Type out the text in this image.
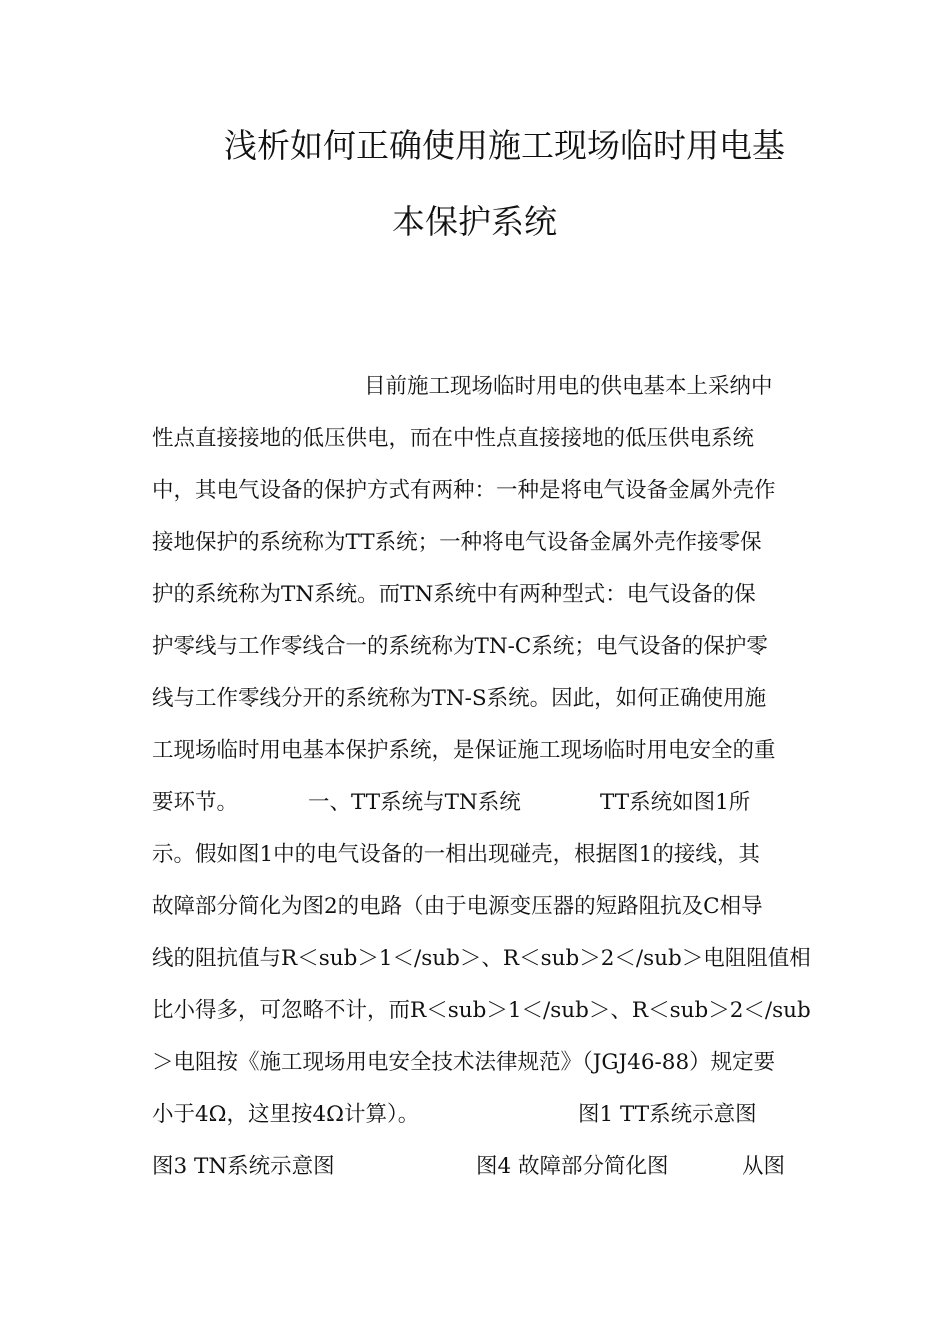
浅析如何正确使用施工现场临时用电基
本保护系统

目前施工现场临时用电的供电基本上采纳中

性点直接接地的低压供电，而在中性点直接接地的低压供电系统

中，其电气设备的保护方式有两种：一种是将电气设备金属外壳作

接地保护的系统称为TT系统；一种将电气设备金属外壳作接零保

护的系统称为TN系统。而TN系统中有两种型式：电气设备的保

护零线与工作零线合一的系统称为TN-C系统；电气设备的保护零

线与工作零线分开的系统称为TN-S系统。因此，如何正确使用施

工现场临时用电基本保护系统，是保证施工现场临时用电安全的重

要环节。	一、TT系统与TN系统	TT系统如图1所

示。假如图1中的电气设备的一相出现碰壳，根据图1的接线，其

故障部分简化为图2的电路（由于电源变压器的短路阻抗及C相导

线的阻抗值与R＜sub＞1＜/sub＞、R＜sub＞2＜/sub＞电阻阻值相

比小得多，可忽略不计，而R＜sub＞1＜/sub＞、R＜sub＞2＜/sub

＞电阻按《施工现场用电安全技术法律规范》（JGJ46-88）规定要

小于4Ω，这里按4Ω计算）。	图1 TT系统示意图
图3 TN系统示意图	图4 故障部分简化图	从图
